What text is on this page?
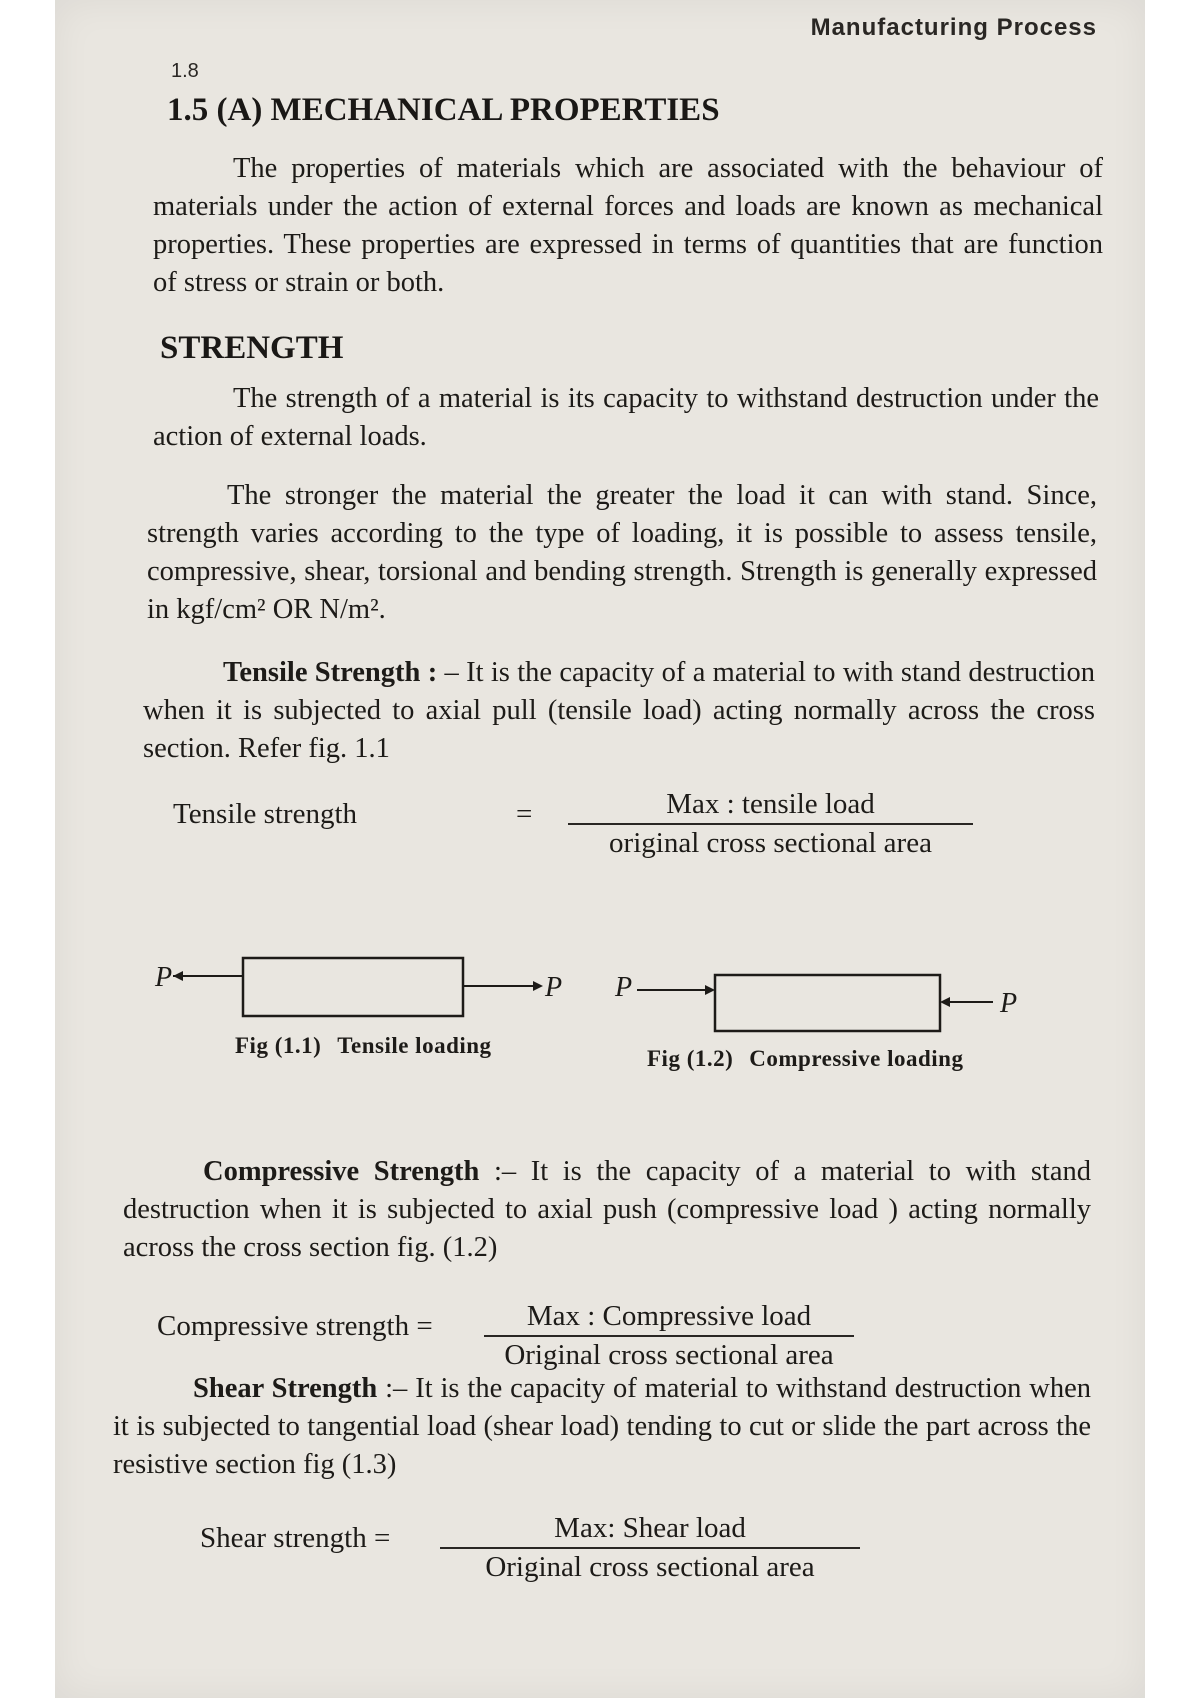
Manufacturing Process
1.8
1.5 (A) MECHANICAL PROPERTIES

The properties of materials which are associated with the behaviour of materials under the action of external forces and loads are known as mechanical properties. These properties are expressed in terms of quantities that are function of stress or strain or both.

STRENGTH

The strength of a material is its capacity to withstand destruction under the action of external loads.

The stronger the material the greater the load it can with stand. Since, strength varies according to the type of loading, it is possible to assess tensile, compressive, shear, torsional and bending strength. Strength is generally expressed in kgf/cm² OR N/m².

Tensile Strength : – It is the capacity of a material to with stand destruction when it is subjected to axial pull (tensile load) acting normally across the cross section. Refer fig. 1.1

Tensile strength	=	Max : tensile load
original cross sectional area
P	P P
P
Fig (1.1) Tensile loading
Fig (1.2) Compressive loading

Compressive Strength :– It is the capacity of a material to with stand destruction when it is subjected to axial push (compressive load ) acting normally across the cross section fig. (1.2)

Compressive strength =	Max : Compressive load
Original cross sectional area

Shear Strength :– It is the capacity of material to withstand destruction when it is subjected to tangential load (shear load) tending to cut or slide the part across the resistive section fig (1.3)

Shear strength =	Max: Shear load
Original cross sectional area
